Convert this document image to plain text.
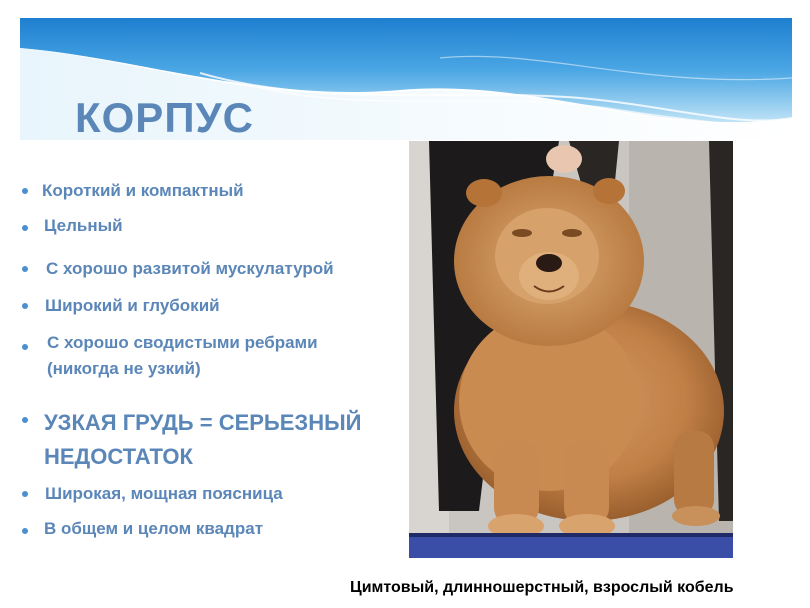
КОРПУС
Короткий и компактный
Цельный
С хорошо развитой мускулатурой
Широкий и глубокий
С хорошо сводистыми ребрами
(никогда не узкий)
УЗКАЯ ГРУДЬ = СЕРЬЕЗНЫЙ
НЕДОСТАТОК
Широкая, мощная поясница
В общем и целом квадрат
Цимтовый, длинношерстный, взрослый кобель
